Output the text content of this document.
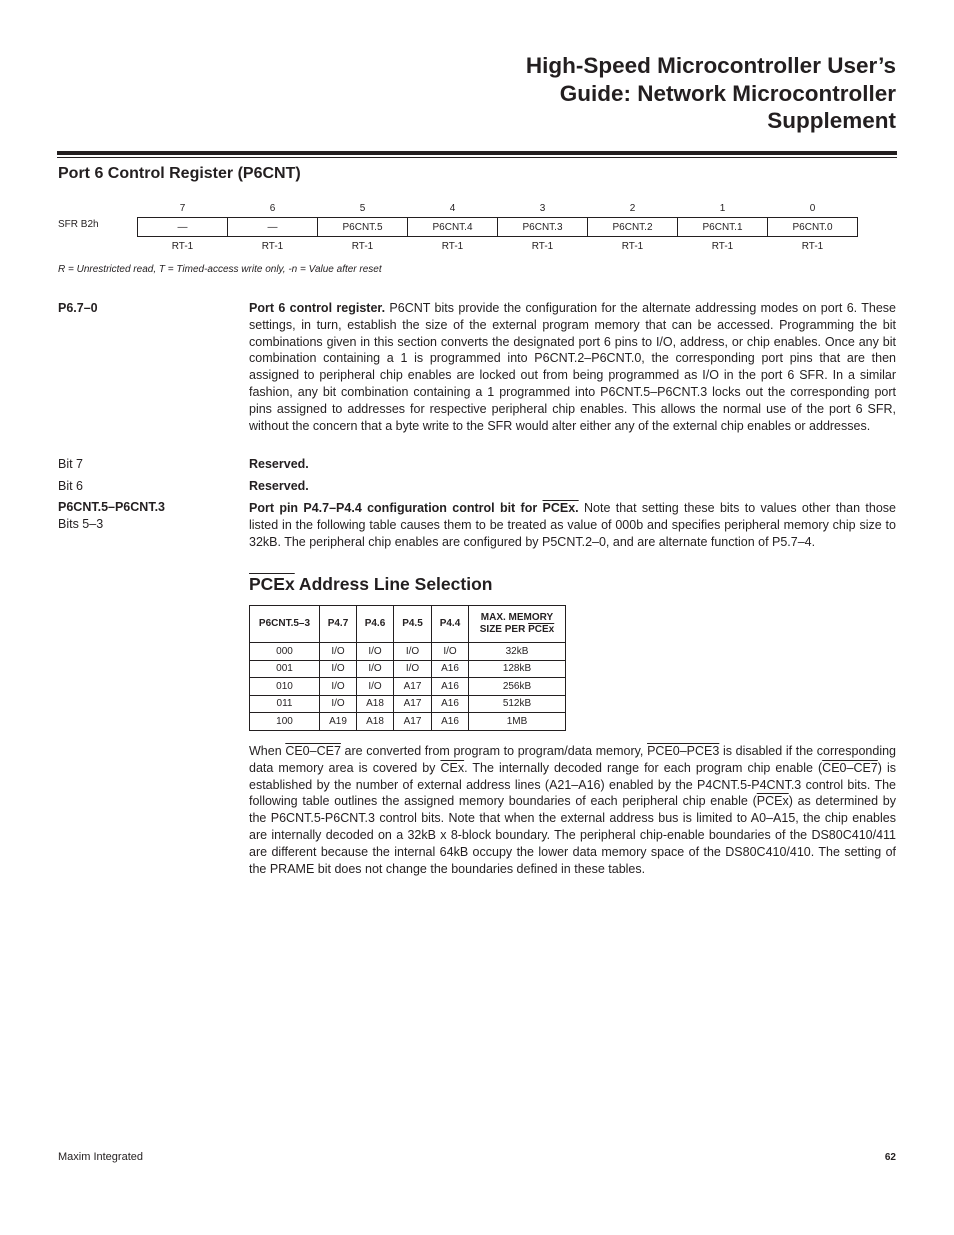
High-Speed Microcontroller User’s
Guide: Network Microcontroller
Supplement
Port 6 Control Register (P6CNT)
SFR B2h
7	6	5	4	3	2	1	0
—	—	P6CNT.5	P6CNT.4	P6CNT.3	P6CNT.2	P6CNT.1	P6CNT.0
RT-1	RT-1	RT-1	RT-1	RT-1	RT-1	RT-1	RT-1
R = Unrestricted read, T = Timed-access write only, -n = Value after reset
P6.7–0	Port 6 control register. P6CNT bits provide the configuration for the alternate addressing modes on port 6. These settings, in turn, establish the size of the external program memory that can be accessed. Programming the bit combinations given in this section converts the designated port 6 pins to I/O, address, or chip enables. Once any bit combination containing a 1 is programmed into P6CNT.2–P6CNT.0, the corresponding port pins that are then assigned to peripheral chip enables are locked out from being programmed as I/O in the port 6 SFR. In a similar fashion, any bit combination containing a 1 programmed into P6CNT.5–P6CNT.3 locks out the corresponding port pins assigned to addresses for respective peripheral chip enables. This allows the normal use of the port 6 SFR, without the concern that a byte write to the SFR would alter either any of the external chip enables or addresses.
Bit 7	Reserved.
Bit 6	Reserved.
P6CNT.5–P6CNT.3
Bits 5–3
Port pin P4.7–P4.4 configuration control bit for PCEx. Note that setting these bits to values other than those listed in the following table causes them to be treated as value of 000b and specifies peripheral memory chip size to 32kB. The peripheral chip enables are configured by P5CNT.2–0, and are alternate function of P5.7–4.
PCEx Address Line Selection
P6CNT.5–3	P4.7	P4.6	P4.5	P4.4	MAX. MEMORY
SIZE PER PCEx
000	I/O	I/O	I/O	I/O	32kB
001	I/O	I/O	I/O	A16	128kB
010	I/O	I/O	A17	A16	256kB
011	I/O	A18	A17	A16	512kB
100	A19	A18	A17	A16	1MB
When CE0–CE7 are converted from program to program/data memory, PCE0–PCE3 is disabled if the corresponding data memory area is covered by $\overline{CEx}$. The internally decoded range for each program chip enable (CE0–CE7) is established by the number of external address lines (A21–A16) enabled by the P4CNT.5-P4CNT.3 control bits. The following table outlines the assigned memory boundaries of each peripheral chip enable (PCEx) as determined by the P6CNT.5-P6CNT.3 control bits. Note that when the external address bus is limited to A0–A15, the chip enables are internally decoded on a 32kB x 8-block boundary. The peripheral chip-enable boundaries of the DS80C410/411 are different because the internal 64kB occupy the lower data memory space of the DS80C410/410. The setting of the PRAME bit does not change the boundaries defined in these tables.
Maxim Integrated	62
